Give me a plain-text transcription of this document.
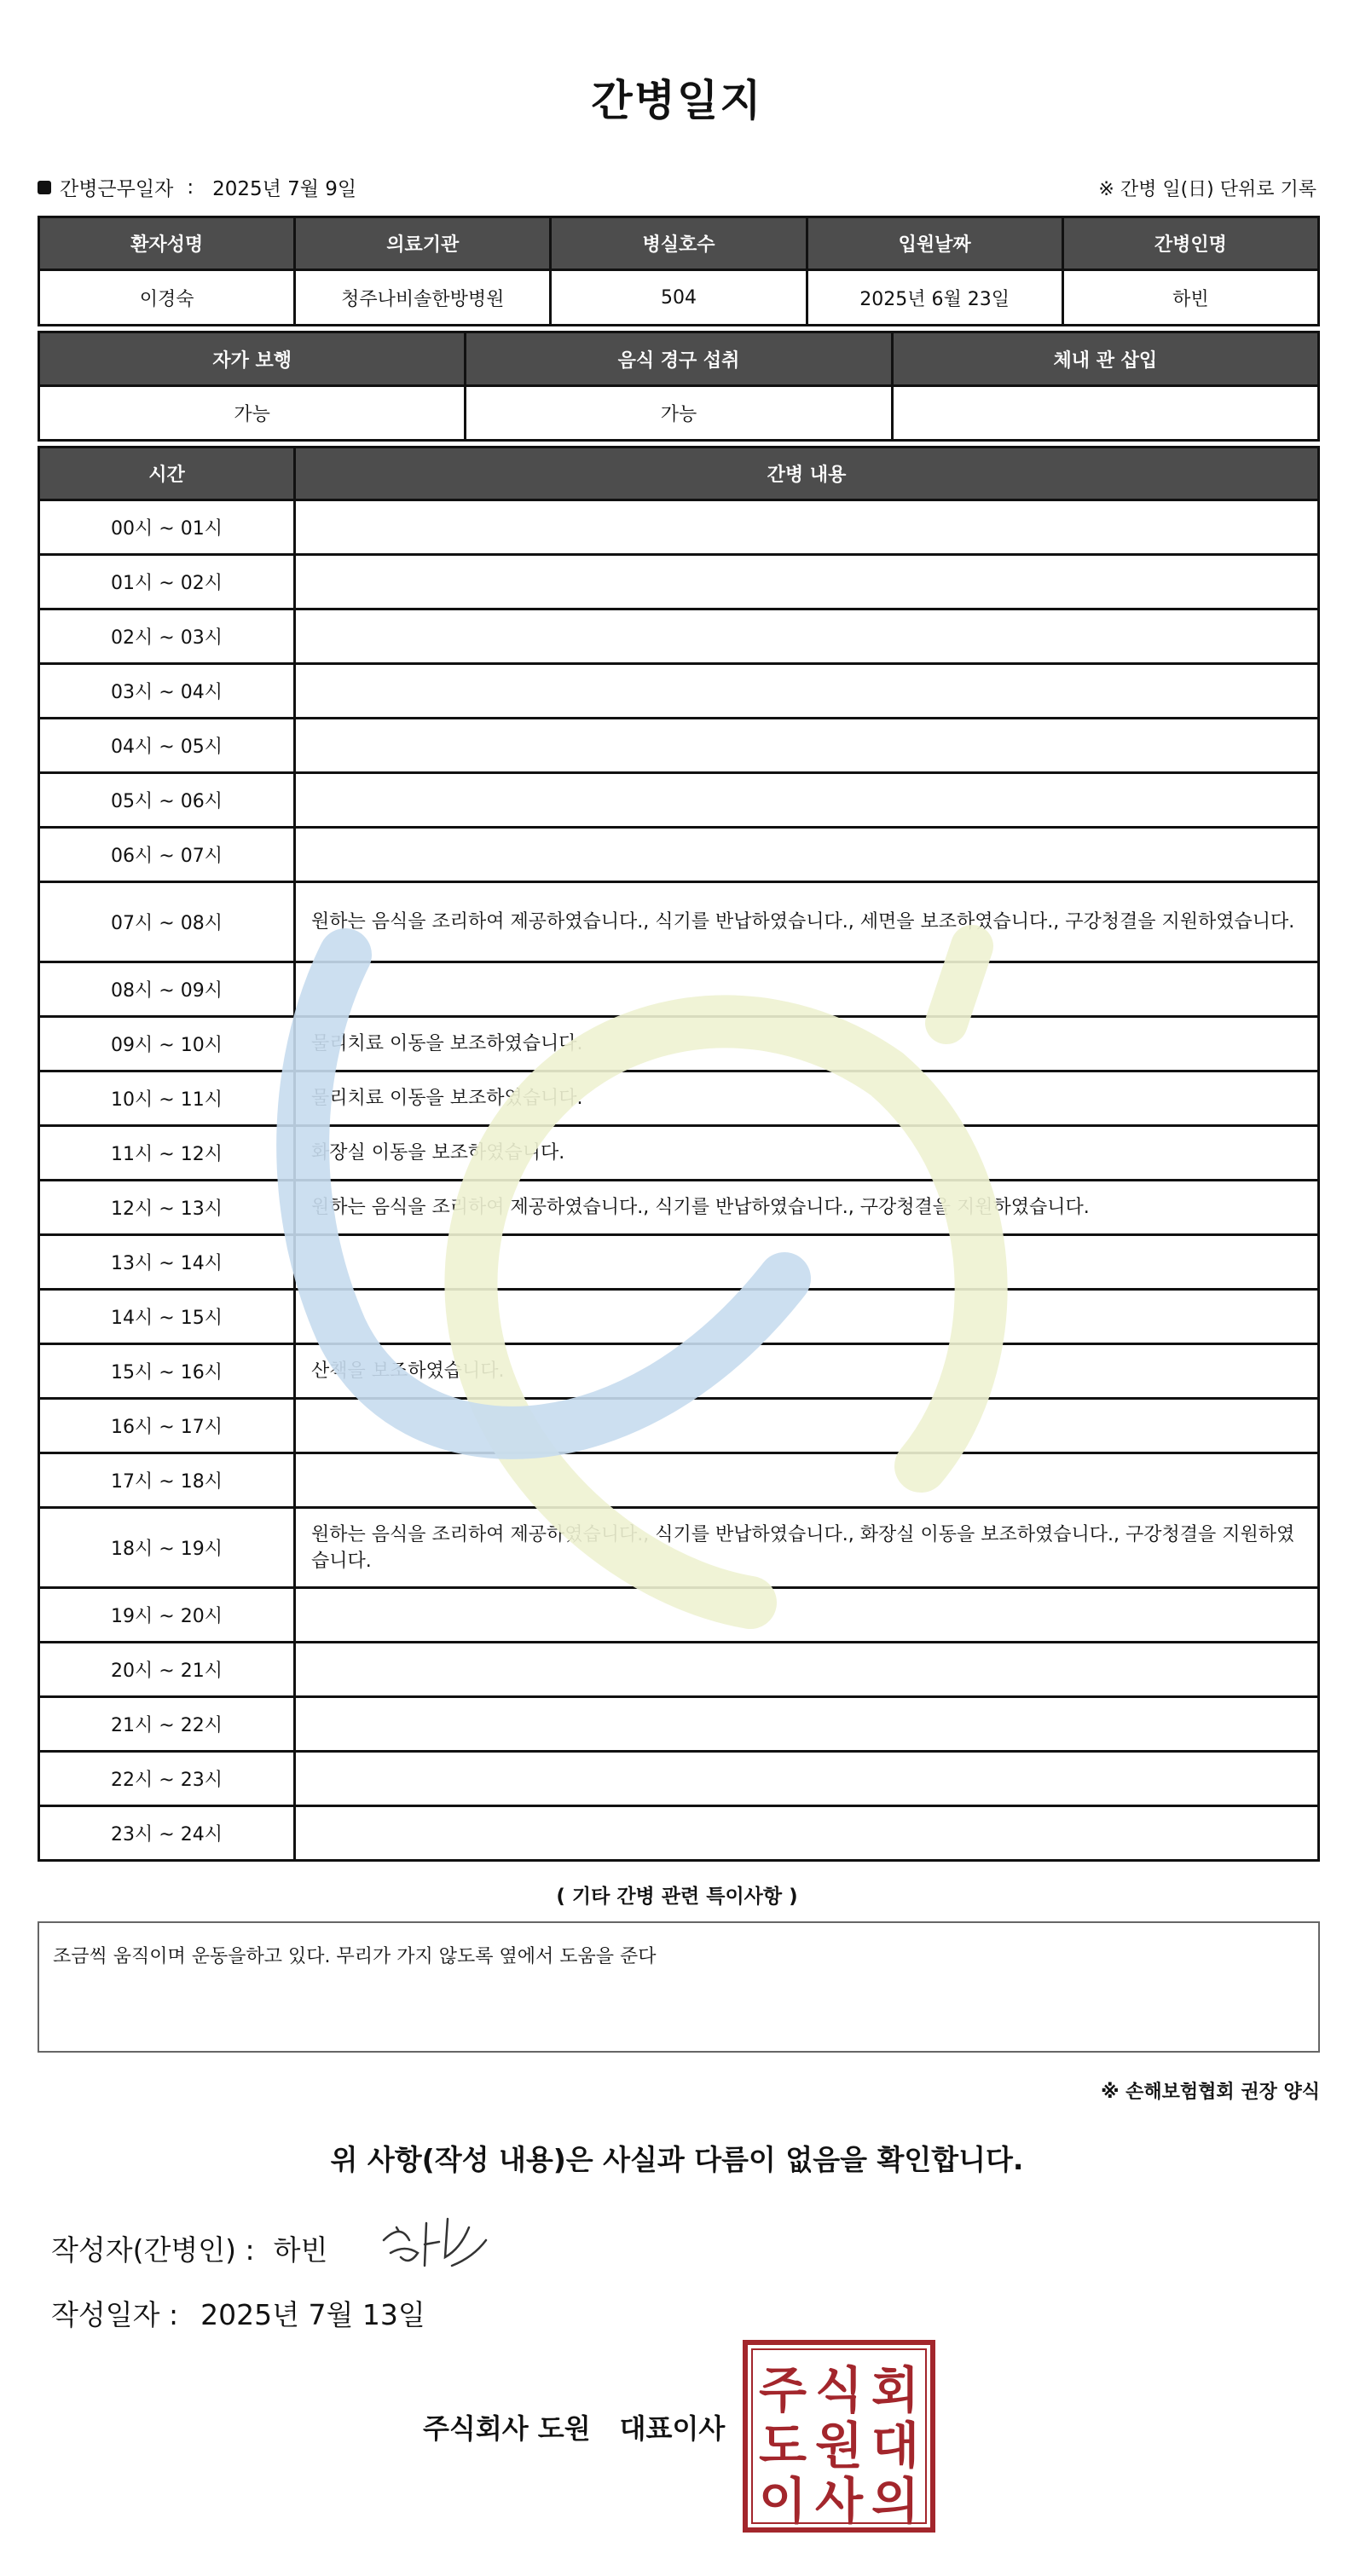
간병일지
간병근무일자 : 2025년 7월 9일	※ 간병 일(日) 단위로 기록
환자성명	의료기관	병실호수	입원날짜	간병인명
이경숙	청주나비솔한방병원	504	2025년 6월 23일	하빈
자가 보행	음식 경구 섭취	체내 관 삽입
가능	가능	
시간	간병 내용
00시 ~ 01시	
01시 ~ 02시	
02시 ~ 03시	
03시 ~ 04시	
04시 ~ 05시	
05시 ~ 06시	
06시 ~ 07시	
07시 ~ 08시	원하는 음식을 조리하여 제공하였습니다., 식기를 반납하였습니다., 세면을 보조하였습니다., 구강청결을 지원하였습니다.
08시 ~ 09시	
09시 ~ 10시	물리치료 이동을 보조하였습니다.
10시 ~ 11시	물리치료 이동을 보조하였습니다.
11시 ~ 12시	화장실 이동을 보조하였습니다.
12시 ~ 13시	원하는 음식을 조리하여 제공하였습니다., 식기를 반납하였습니다., 구강청결을 지원하였습니다.
13시 ~ 14시	
14시 ~ 15시	
15시 ~ 16시	산책을 보조하였습니다.
16시 ~ 17시	
17시 ~ 18시	
18시 ~ 19시	원하는 음식을 조리하여 제공하였습니다., 식기를 반납하였습니다., 화장실 이동을 보조하였습니다., 구강청결을 지원하였습니다.
19시 ~ 20시	
20시 ~ 21시	
21시 ~ 22시	
22시 ~ 23시	
23시 ~ 24시	
( 기타 간병 관련 특이사항 )
조금씩 움직이며 운동을하고 있다. 무리가 가지 않도록 옆에서 도움을 준다
※ 손해보험협회 권장 양식
위 사항(작성 내용)은 사실과 다름이 없음을 확인합니다.
작성자(간병인) : 하빈
작성일자 : 2025년 7월 13일
주식회사 도원 대표이사
주 식 회
도 원 대
이 사 의
